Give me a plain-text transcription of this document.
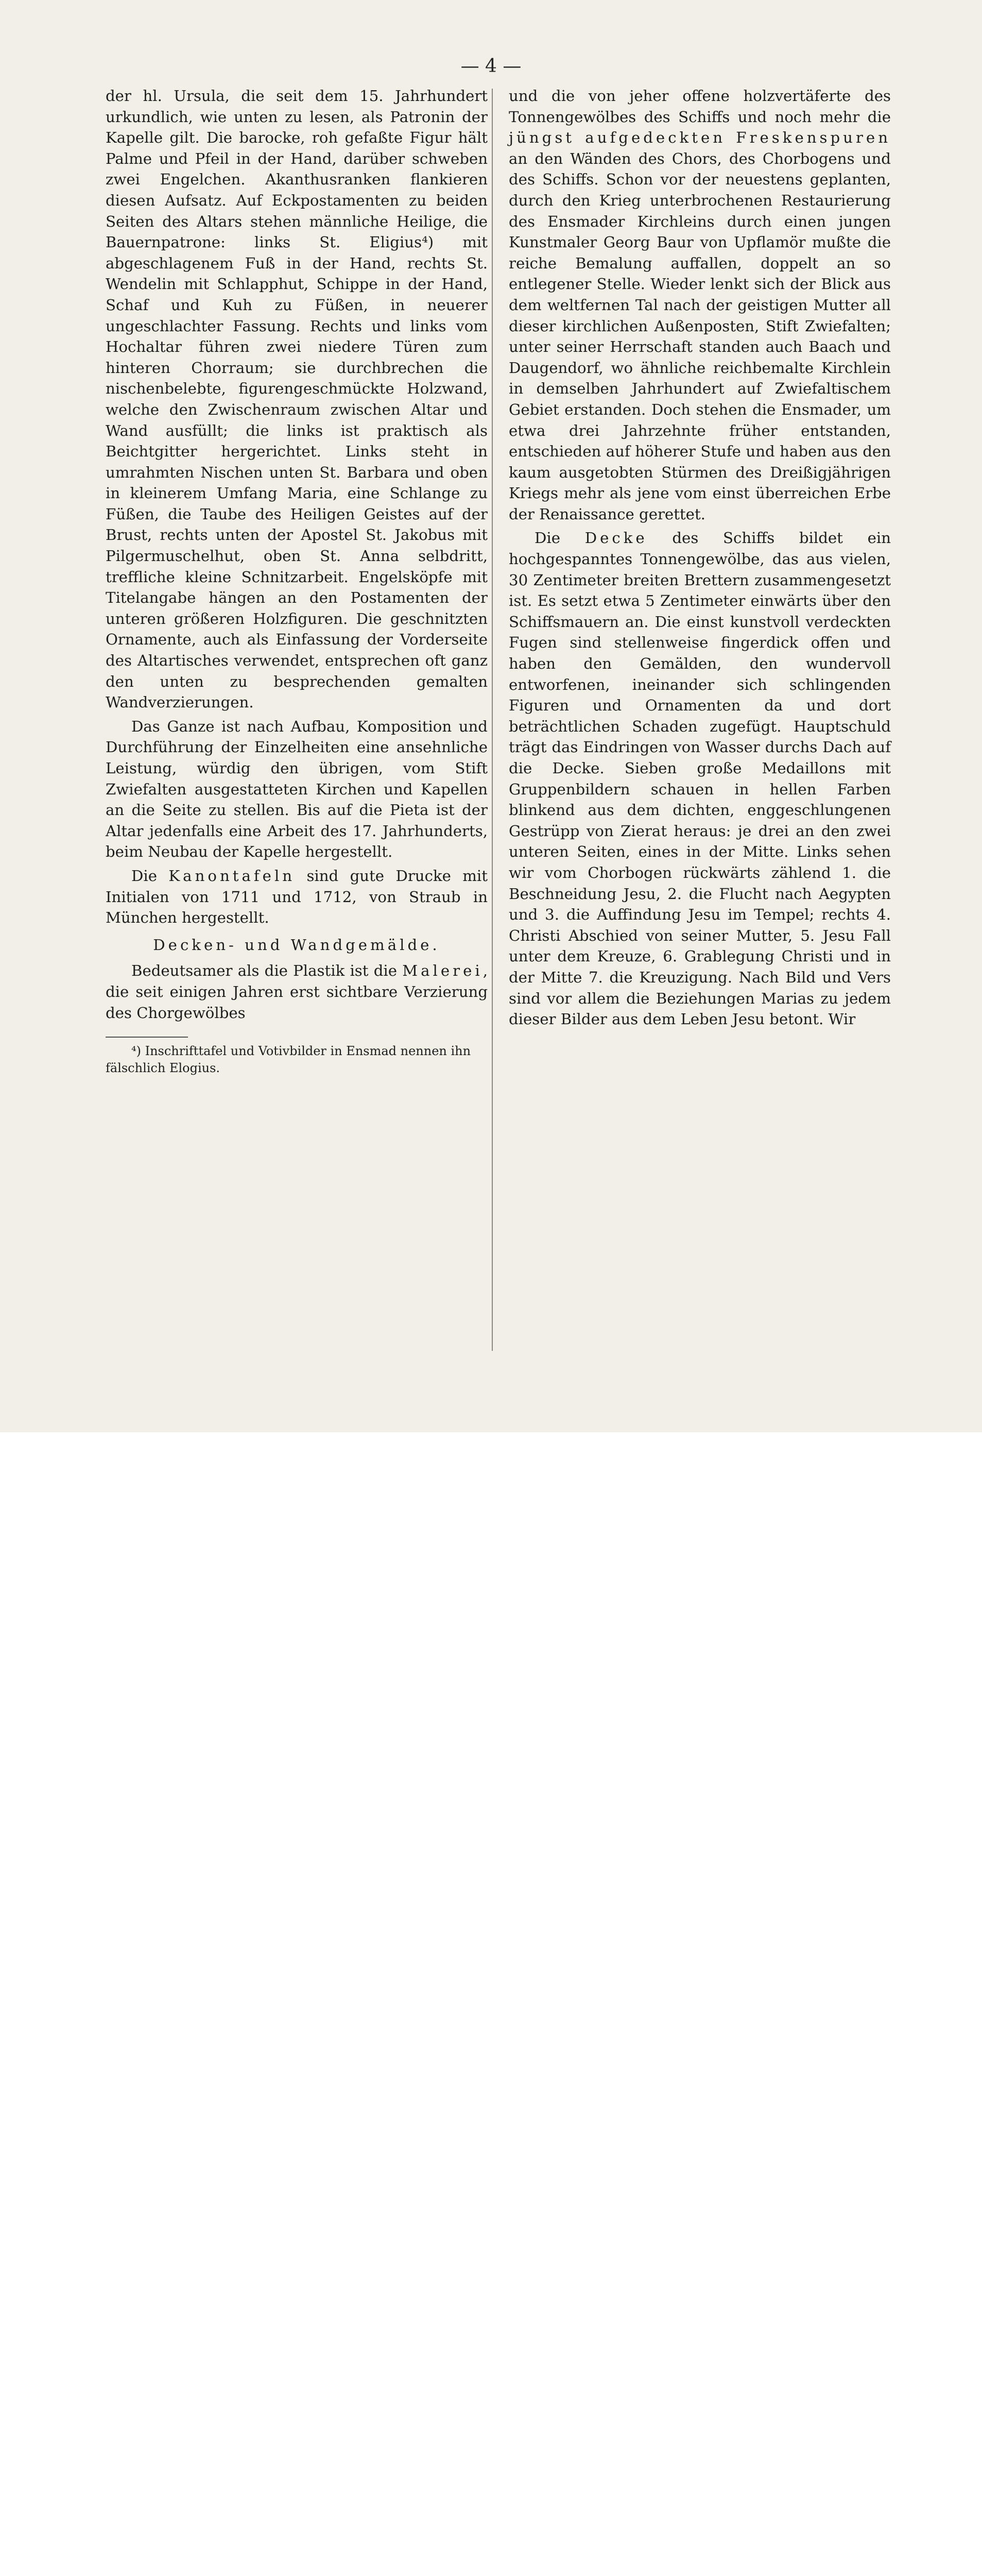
— 4 —

der hl. Ursula, die seit dem 15. Jahrhundert urkundlich, wie unten zu lesen, als Patronin der Kapelle gilt. Die barocke, roh gefaßte Figur hält Palme und Pfeil in der Hand, darüber schweben zwei Engelchen. Akanthusranken flankieren diesen Aufsatz. Auf Eckpostamenten zu beiden Seiten des Altars stehen männliche Heilige, die Bauernpatrone: links St. Eligius⁴) mit abgeschlagenem Fuß in der Hand, rechts St. Wendelin mit Schlapphut, Schippe in der Hand, Schaf und Kuh zu Füßen, in neuerer ungeschlachter Fassung. Rechts und links vom Hochaltar führen zwei niedere Türen zum hinteren Chorraum; sie durchbrechen die nischenbelebte, figurengeschmückte Holzwand, welche den Zwischenraum zwischen Altar und Wand ausfüllt; die links ist praktisch als Beichtgitter hergerichtet. Links steht in umrahmten Nischen unten St. Barbara und oben in kleinerem Umfang Maria, eine Schlange zu Füßen, die Taube des Heiligen Geistes auf der Brust, rechts unten der Apostel St. Jakobus mit Pilgermuschelhut, oben St. Anna selbdritt, treffliche kleine Schnitzarbeit. Engelsköpfe mit Titelangabe hängen an den Postamenten der unteren größeren Holzfiguren. Die geschnitzten Ornamente, auch als Einfassung der Vorderseite des Altartisches verwendet, entsprechen oft ganz den unten zu besprechenden gemalten Wandverzierungen.

Das Ganze ist nach Aufbau, Komposition und Durchführung der Einzelheiten eine ansehnliche Leistung, würdig den übrigen, vom Stift Zwiefalten ausgestatteten Kirchen und Kapellen an die Seite zu stellen. Bis auf die Pieta ist der Altar jedenfalls eine Arbeit des 17. Jahrhunderts, beim Neubau der Kapelle hergestellt.

Die Kanontafeln sind gute Drucke mit Initialen von 1711 und 1712, von Straub in München hergestellt.

Decken- und Wandgemälde.

Bedeutsamer als die Plastik ist die Malerei, die seit einigen Jahren erst sichtbare Verzierung des Chorgewölbes

⁴) Inschrifttafel und Votivbilder in Ensmad nennen ihn fälschlich Elogius.

und die von jeher offene holzvertäferte des Tonnengewölbes des Schiffs und noch mehr die jüngst aufgedeckten Freskenspuren an den Wänden des Chors, des Chorbogens und des Schiffs. Schon vor der neuestens geplanten, durch den Krieg unterbrochenen Restaurierung des Ensmader Kirchleins durch einen jungen Kunstmaler Georg Baur von Upflamör mußte die reiche Bemalung auffallen, doppelt an so entlegener Stelle. Wieder lenkt sich der Blick aus dem weltfernen Tal nach der geistigen Mutter all dieser kirchlichen Außenposten, Stift Zwiefalten; unter seiner Herrschaft standen auch Baach und Daugendorf, wo ähnliche reichbemalte Kirchlein in demselben Jahrhundert auf Zwiefaltischem Gebiet erstanden. Doch stehen die Ensmader, um etwa drei Jahrzehnte früher entstanden, entschieden auf höherer Stufe und haben aus den kaum ausgetobten Stürmen des Dreißigjährigen Kriegs mehr als jene vom einst überreichen Erbe der Renaissance gerettet.

Die Decke des Schiffs bildet ein hochgespanntes Tonnengewölbe, das aus vielen, 30 Zentimeter breiten Brettern zusammengesetzt ist. Es setzt etwa 5 Zentimeter einwärts über den Schiffsmauern an. Die einst kunstvoll verdeckten Fugen sind stellenweise fingerdick offen und haben den Gemälden, den wundervoll entworfenen, ineinander sich schlingenden Figuren und Ornamenten da und dort beträchtlichen Schaden zugefügt. Hauptschuld trägt das Eindringen von Wasser durchs Dach auf die Decke. Sieben große Medaillons mit Gruppenbildern schauen in hellen Farben blinkend aus dem dichten, enggeschlungenen Gestrüpp von Zierat heraus: je drei an den zwei unteren Seiten, eines in der Mitte. Links sehen wir vom Chorbogen rückwärts zählend 1. die Beschneidung Jesu, 2. die Flucht nach Aegypten und 3. die Auffindung Jesu im Tempel; rechts 4. Christi Abschied von seiner Mutter, 5. Jesu Fall unter dem Kreuze, 6. Grablegung Christi und in der Mitte 7. die Kreuzigung. Nach Bild und Vers sind vor allem die Beziehungen Marias zu jedem dieser Bilder aus dem Leben Jesu betont. Wir
